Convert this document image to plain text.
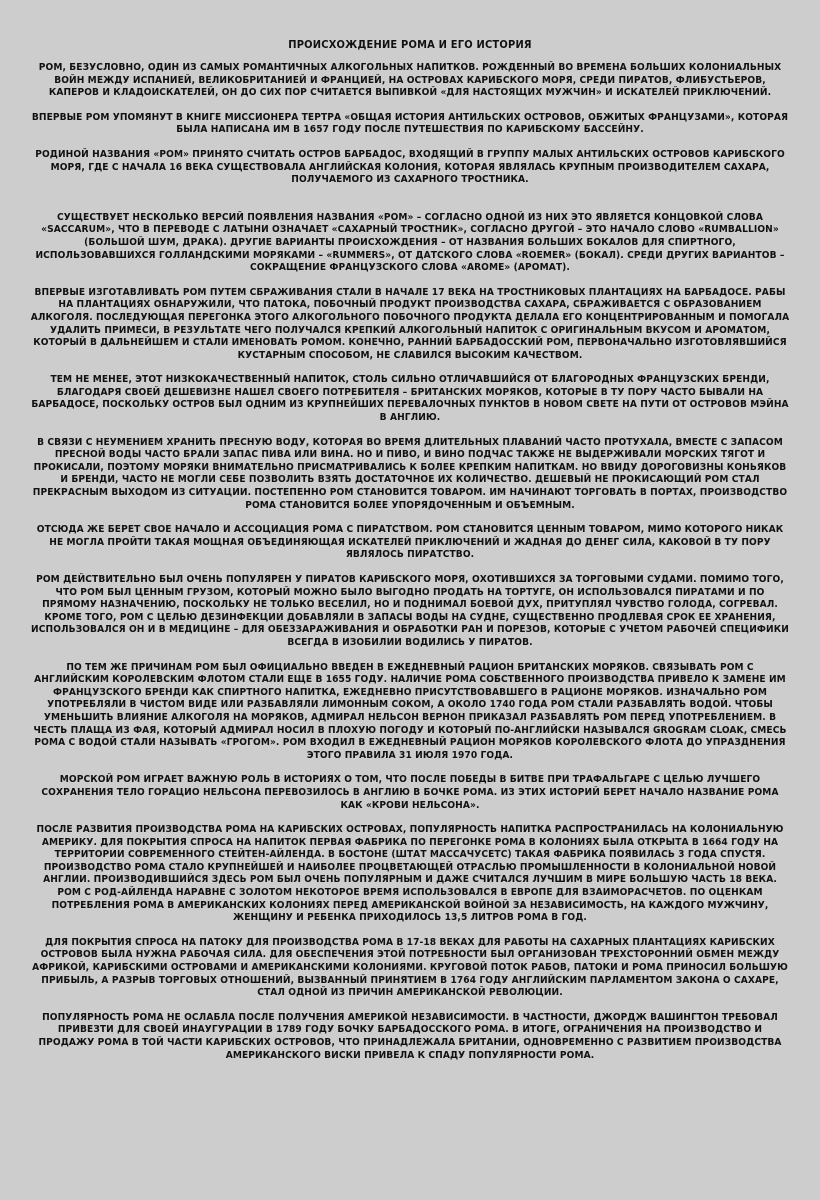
ПРОИСХОЖДЕНИЕ РОМА И ЕГО ИСТОРИЯ
РОМ, БЕЗУСЛОВНО, ОДИН ИЗ САМЫХ РОМАНТИЧНЫХ АЛКОГОЛЬНЫХ НАПИТКОВ. РОЖДЕННЫЙ ВО ВРЕМЕНА БОЛЬШИХ КОЛОНИАЛЬНЫХ ВОЙН МЕЖДУ ИСПАНИЕЙ, ВЕЛИКОБРИТАНИЕЙ И ФРАНЦИЕЙ, НА ОСТРОВАХ КАРИБСКОГО МОРЯ, СРЕДИ ПИРАТОВ, ФЛИБУСТЬЕРОВ, КАПЕРОВ И КЛАДОИСКАТЕЛЕЙ, ОН ДО СИХ ПОР СЧИТАЕТСЯ ВЫПИВКОЙ «ДЛЯ НАСТОЯЩИХ МУЖЧИН» И ИСКАТЕЛЕЙ ПРИКЛЮЧЕНИЙ.
ВПЕРВЫЕ РОМ УПОМЯНУТ В КНИГЕ МИССИОНЕРА ТЕРТРА «ОБЩАЯ ИСТОРИЯ АНТИЛЬСКИХ ОСТРОВОВ, ОБЖИТЫХ ФРАНЦУЗАМИ», КОТОРАЯ БЫЛА НАПИСАНА ИМ В 1657 ГОДУ ПОСЛЕ ПУТЕШЕСТВИЯ ПО КАРИБСКОМУ БАССЕЙНУ.
РОДИНОЙ НАЗВАНИЯ «РОМ» ПРИНЯТО СЧИТАТЬ ОСТРОВ БАРБАДОС, ВХОДЯЩИЙ В ГРУППУ МАЛЫХ АНТИЛЬСКИХ ОСТРОВОВ КАРИБСКОГО МОРЯ, ГДЕ С НАЧАЛА 16 ВЕКА СУЩЕСТВОВАЛА АНГЛИЙСКАЯ КОЛОНИЯ, КОТОРАЯ ЯВЛЯЛАСЬ КРУПНЫМ ПРОИЗВОДИТЕЛЕМ САХАРА, ПОЛУЧАЕМОГО ИЗ САХАРНОГО ТРОСТНИКА.
СУЩЕСТВУЕТ НЕСКОЛЬКО ВЕРСИЙ ПОЯВЛЕНИЯ НАЗВАНИЯ «РОМ» – СОГЛАСНО ОДНОЙ ИЗ НИХ ЭТО ЯВЛЯЕТСЯ КОНЦОВКОЙ СЛОВА «SACCARUM», ЧТО В ПЕРЕВОДЕ С ЛАТЫНИ ОЗНАЧАЕТ «САХАРНЫЙ ТРОСТНИК», СОГЛАСНО ДРУГОЙ – ЭТО НАЧАЛО СЛОВО «RUMBALLION» (БОЛЬШОЙ ШУМ, ДРАКА). ДРУГИЕ ВАРИАНТЫ ПРОИСХОЖДЕНИЯ – ОТ НАЗВАНИЯ БОЛЬШИХ БОКАЛОВ ДЛЯ СПИРТНОГО, ИСПОЛЬЗОВАВШИХСЯ ГОЛЛАНДСКИМИ МОРЯКАМИ – «RUMMERS», ОТ ДАТСКОГО СЛОВА «ROEMER» (БОКАЛ). СРЕДИ ДРУГИХ ВАРИАНТОВ – СОКРАЩЕНИЕ ФРАНЦУЗСКОГО СЛОВА «AROME» (АРОМАТ).
ВПЕРВЫЕ ИЗГОТАВЛИВАТЬ РОМ ПУТЕМ СБРАЖИВАНИЯ СТАЛИ В НАЧАЛЕ 17 ВЕКА НА ТРОСТНИКОВЫХ ПЛАНТАЦИЯХ НА БАРБАДОСЕ. РАБЫ НА ПЛАНТАЦИЯХ ОБНАРУЖИЛИ, ЧТО ПАТОКА, ПОБОЧНЫЙ ПРОДУКТ ПРОИЗВОДСТВА САХАРА, СБРАЖИВАЕТСЯ С ОБРАЗОВАНИЕМ АЛКОГОЛЯ. ПОСЛЕДУЮЩАЯ ПЕРЕГОНКА ЭТОГО АЛКОГОЛЬНОГО ПОБОЧНОГО ПРОДУКТА ДЕЛАЛА ЕГО КОНЦЕНТРИРОВАННЫМ И ПОМОГАЛА УДАЛИТЬ ПРИМЕСИ, В РЕЗУЛЬТАТЕ ЧЕГО ПОЛУЧАЛСЯ КРЕПКИЙ АЛКОГОЛЬНЫЙ НАПИТОК С ОРИГИНАЛЬНЫМ ВКУСОМ И АРОМАТОМ, КОТОРЫЙ В ДАЛЬНЕЙШЕМ И СТАЛИ ИМЕНОВАТЬ РОМОМ. КОНЕЧНО, РАННИЙ БАРБАДОССКИЙ РОМ, ПЕРВОНАЧАЛЬНО ИЗГОТОВЛЯВШИЙСЯ КУСТАРНЫМ СПОСОБОМ, НЕ СЛАВИЛСЯ ВЫСОКИМ КАЧЕСТВОМ.
ТЕМ НЕ МЕНЕЕ, ЭТОТ НИЗКОКАЧЕСТВЕННЫЙ НАПИТОК, СТОЛЬ СИЛЬНО ОТЛИЧАВШИЙСЯ ОТ БЛАГОРОДНЫХ ФРАНЦУЗСКИХ БРЕНДИ, БЛАГОДАРЯ СВОЕЙ ДЕШЕВИЗНЕ НАШЕЛ СВОЕГО ПОТРЕБИТЕЛЯ – БРИТАНСКИХ МОРЯКОВ, КОТОРЫЕ В ТУ ПОРУ ЧАСТО БЫВАЛИ НА БАРБАДОСЕ, ПОСКОЛЬКУ ОСТРОВ БЫЛ ОДНИМ ИЗ КРУПНЕЙШИХ ПЕРЕВАЛОЧНЫХ ПУНКТОВ В НОВОМ СВЕТЕ НА ПУТИ ОТ ОСТРОВОВ МЭЙНА В АНГЛИЮ.
В СВЯЗИ С НЕУМЕНИЕМ ХРАНИТЬ ПРЕСНУЮ ВОДУ, КОТОРАЯ ВО ВРЕМЯ ДЛИТЕЛЬНЫХ ПЛАВАНИЙ ЧАСТО ПРОТУХАЛА, ВМЕСТЕ С ЗАПАСОМ ПРЕСНОЙ ВОДЫ ЧАСТО БРАЛИ ЗАПАС ПИВА ИЛИ ВИНА. НО И ПИВО, И ВИНО ПОДЧАС ТАКЖЕ НЕ ВЫДЕРЖИВАЛИ МОРСКИХ ТЯГОТ И ПРОКИСАЛИ, ПОЭТОМУ МОРЯКИ ВНИМАТЕЛЬНО ПРИСМАТРИВАЛИСЬ К БОЛЕЕ КРЕПКИМ НАПИТКАМ. НО ВВИДУ ДОРОГОВИЗНЫ КОНЬЯКОВ И БРЕНДИ, ЧАСТО НЕ МОГЛИ СЕБЕ ПОЗВОЛИТЬ ВЗЯТЬ ДОСТАТОЧНОЕ ИХ КОЛИЧЕСТВО. ДЕШЕВЫЙ НЕ ПРОКИСАЮЩИЙ РОМ СТАЛ ПРЕКРАСНЫМ ВЫХОДОМ ИЗ СИТУАЦИИ. ПОСТЕПЕННО РОМ СТАНОВИТСЯ ТОВАРОМ. ИМ НАЧИНАЮТ ТОРГОВАТЬ В ПОРТАХ, ПРОИЗВОДСТВО РОМА СТАНОВИТСЯ БОЛЕЕ УПОРЯДОЧЕННЫМ И ОБЪЕМНЫМ.
ОТСЮДА ЖЕ БЕРЕТ СВОЕ НАЧАЛО И АССОЦИАЦИЯ РОМА С ПИРАТСТВОМ. РОМ СТАНОВИТСЯ ЦЕННЫМ ТОВАРОМ, МИМО КОТОРОГО НИКАК НЕ МОГЛА ПРОЙТИ ТАКАЯ МОЩНАЯ ОБЪЕДИНЯЮЩАЯ ИСКАТЕЛЕЙ ПРИКЛЮЧЕНИЙ И ЖАДНАЯ ДО ДЕНЕГ СИЛА, КАКОВОЙ В ТУ ПОРУ ЯВЛЯЛОСЬ ПИРАТСТВО.
РОМ ДЕЙСТВИТЕЛЬНО БЫЛ ОЧЕНЬ ПОПУЛЯРЕН У ПИРАТОВ КАРИБСКОГО МОРЯ, ОХОТИВШИХСЯ ЗА ТОРГОВЫМИ СУДАМИ. ПОМИМО ТОГО, ЧТО РОМ БЫЛ ЦЕННЫМ ГРУЗОМ, КОТОРЫЙ МОЖНО БЫЛО ВЫГОДНО ПРОДАТЬ НА ТОРТУГЕ, ОН ИСПОЛЬЗОВАЛСЯ ПИРАТАМИ И ПО ПРЯМОМУ НАЗНАЧЕНИЮ, ПОСКОЛЬКУ НЕ ТОЛЬКО ВЕСЕЛИЛ, НО И ПОДНИМАЛ БОЕВОЙ ДУХ, ПРИТУПЛЯЛ ЧУВСТВО ГОЛОДА, СОГРЕВАЛ. КРОМЕ ТОГО, РОМ С ЦЕЛЬЮ ДЕЗИНФЕКЦИИ ДОБАВЛЯЛИ В ЗАПАСЫ ВОДЫ НА СУДНЕ, СУЩЕСТВЕННО ПРОДЛЕВАЯ СРОК ЕЕ ХРАНЕНИЯ, ИСПОЛЬЗОВАЛСЯ ОН И В МЕДИЦИНЕ – ДЛЯ ОБЕЗЗАРАЖИВАНИЯ И ОБРАБОТКИ РАН И ПОРЕЗОВ, КОТОРЫЕ С УЧЕТОМ РАБОЧЕЙ СПЕЦИФИКИ ВСЕГДА В ИЗОБИЛИИ ВОДИЛИСЬ У ПИРАТОВ.
ПО ТЕМ ЖЕ ПРИЧИНАМ РОМ БЫЛ ОФИЦИАЛЬНО ВВЕДЕН В ЕЖЕДНЕВНЫЙ РАЦИОН БРИТАНСКИХ МОРЯКОВ. СВЯЗЫВАТЬ РОМ С АНГЛИЙСКИМ КОРОЛЕВСКИМ ФЛОТОМ СТАЛИ ЕЩЕ В 1655 ГОДУ. НАЛИЧИЕ РОМА СОБСТВЕННОГО ПРОИЗВОДСТВА ПРИВЕЛО К ЗАМЕНЕ ИМ ФРАНЦУЗСКОГО БРЕНДИ КАК СПИРТНОГО НАПИТКА, ЕЖЕДНЕВНО ПРИСУТСТВОВАВШЕГО В РАЦИОНЕ МОРЯКОВ. ИЗНАЧАЛЬНО РОМ УПОТРЕБЛЯЛИ В ЧИСТОМ ВИДЕ ИЛИ РАЗБАВЛЯЛИ ЛИМОННЫМ СОКОМ, А ОКОЛО 1740 ГОДА РОМ СТАЛИ РАЗБАВЛЯТЬ ВОДОЙ. ЧТОБЫ УМЕНЬШИТЬ ВЛИЯНИЕ АЛКОГОЛЯ НА МОРЯКОВ, АДМИРАЛ НЕЛЬСОН ВЕРНОН ПРИКАЗАЛ РАЗБАВЛЯТЬ РОМ ПЕРЕД УПОТРЕБЛЕНИЕМ. В ЧЕСТЬ ПЛАЩА ИЗ ФАЯ, КОТОРЫЙ АДМИРАЛ НОСИЛ В ПЛОХУЮ ПОГОДУ И КОТОРЫЙ ПО-АНГЛИЙСКИ НАЗЫВАЛСЯ GROGRAM CLOAK, СМЕСЬ РОМА С ВОДОЙ СТАЛИ НАЗЫВАТЬ «ГРОГОМ». РОМ ВХОДИЛ В ЕЖЕДНЕВНЫЙ РАЦИОН МОРЯКОВ КОРОЛЕВСКОГО ФЛОТА ДО УПРАЗДНЕНИЯ ЭТОГО ПРАВИЛА 31 ИЮЛЯ 1970 ГОДА.
МОРСКОЙ РОМ ИГРАЕТ ВАЖНУЮ РОЛЬ В ИСТОРИЯХ О ТОМ, ЧТО ПОСЛЕ ПОБЕДЫ В БИТВЕ ПРИ ТРАФАЛЬГАРЕ С ЦЕЛЬЮ ЛУЧШЕГО СОХРАНЕНИЯ ТЕЛО ГОРАЦИО НЕЛЬСОНА ПЕРЕВОЗИЛОСЬ В АНГЛИЮ В БОЧКЕ РОМА. ИЗ ЭТИХ ИСТОРИЙ БЕРЕТ НАЧАЛО НАЗВАНИЕ РОМА КАК «КРОВИ НЕЛЬСОНА».
ПОСЛЕ РАЗВИТИЯ ПРОИЗВОДСТВА РОМА НА КАРИБСКИХ ОСТРОВАХ, ПОПУЛЯРНОСТЬ НАПИТКА РАСПРОСТРАНИЛАСЬ НА КОЛОНИАЛЬНУЮ АМЕРИКУ. ДЛЯ ПОКРЫТИЯ СПРОСА НА НАПИТОК ПЕРВАЯ ФАБРИКА ПО ПЕРЕГОНКЕ РОМА В КОЛОНИЯХ БЫЛА ОТКРЫТА В 1664 ГОДУ НА ТЕРРИТОРИИ СОВРЕМЕННОГО СТЕЙТЕН-АЙЛЕНДА. В БОСТОНЕ (ШТАТ МАССАЧУСЕТС) ТАКАЯ ФАБРИКА ПОЯВИЛАСЬ 3 ГОДА СПУСТЯ. ПРОИЗВОДСТВО РОМА СТАЛО КРУПНЕЙШЕЙ И НАИБОЛЕЕ ПРОЦВЕТАЮЩЕЙ ОТРАСЛЬЮ ПРОМЫШЛЕННОСТИ В КОЛОНИАЛЬНОЙ НОВОЙ АНГЛИИ. ПРОИЗВОДИВШИЙСЯ ЗДЕСЬ РОМ БЫЛ ОЧЕНЬ ПОПУЛЯРНЫМ И ДАЖЕ СЧИТАЛСЯ ЛУЧШИМ В МИРЕ БОЛЬШУЮ ЧАСТЬ 18 ВЕКА. РОМ С РОД-АЙЛЕНДА НАРАВНЕ С ЗОЛОТОМ НЕКОТОРОЕ ВРЕМЯ ИСПОЛЬЗОВАЛСЯ В ЕВРОПЕ ДЛЯ ВЗАИМОРАСЧЕТОВ. ПО ОЦЕНКАМ ПОТРЕБЛЕНИЯ РОМА В АМЕРИКАНСКИХ КОЛОНИЯХ ПЕРЕД АМЕРИКАНСКОЙ ВОЙНОЙ ЗА НЕЗАВИСИМОСТЬ, НА КАЖДОГО МУЖЧИНУ, ЖЕНЩИНУ И РЕБЕНКА ПРИХОДИЛОСЬ 13,5 ЛИТРОВ РОМА В ГОД.
ДЛЯ ПОКРЫТИЯ СПРОСА НА ПАТОКУ ДЛЯ ПРОИЗВОДСТВА РОМА В 17-18 ВЕКАХ ДЛЯ РАБОТЫ НА САХАРНЫХ ПЛАНТАЦИЯХ КАРИБСКИХ ОСТРОВОВ БЫЛА НУЖНА РАБОЧАЯ СИЛА. ДЛЯ ОБЕСПЕЧЕНИЯ ЭТОЙ ПОТРЕБНОСТИ БЫЛ ОРГАНИЗОВАН ТРЕХСТОРОННИЙ ОБМЕН МЕЖДУ АФРИКОЙ, КАРИБСКИМИ ОСТРОВАМИ И АМЕРИКАНСКИМИ КОЛОНИЯМИ. КРУГОВОЙ ПОТОК РАБОВ, ПАТОКИ И РОМА ПРИНОСИЛ БОЛЬШУЮ ПРИБЫЛЬ, А РАЗРЫВ ТОРГОВЫХ ОТНОШЕНИЙ, ВЫЗВАННЫЙ ПРИНЯТИЕМ В 1764 ГОДУ АНГЛИЙСКИМ ПАРЛАМЕНТОМ ЗАКОНА О САХАРЕ, СТАЛ ОДНОЙ ИЗ ПРИЧИН АМЕРИКАНСКОЙ РЕВОЛЮЦИИ.
ПОПУЛЯРНОСТЬ РОМА НЕ ОСЛАБЛА ПОСЛЕ ПОЛУЧЕНИЯ АМЕРИКОЙ НЕЗАВИСИМОСТИ. В ЧАСТНОСТИ, ДЖОРДЖ ВАШИНГТОН ТРЕБОВАЛ ПРИВЕЗТИ ДЛЯ СВОЕЙ ИНАУГУРАЦИИ В 1789 ГОДУ БОЧКУ БАРБАДОССКОГО РОМА. В ИТОГЕ, ОГРАНИЧЕНИЯ НА ПРОИЗВОДСТВО И ПРОДАЖУ РОМА В ТОЙ ЧАСТИ КАРИБСКИХ ОСТРОВОВ, ЧТО ПРИНАДЛЕЖАЛА БРИТАНИИ, ОДНОВРЕМЕННО С РАЗВИТИЕМ ПРОИЗВОДСТВА АМЕРИКАНСКОГО ВИСКИ ПРИВЕЛА К СПАДУ ПОПУЛЯРНОСТИ РОМА.
